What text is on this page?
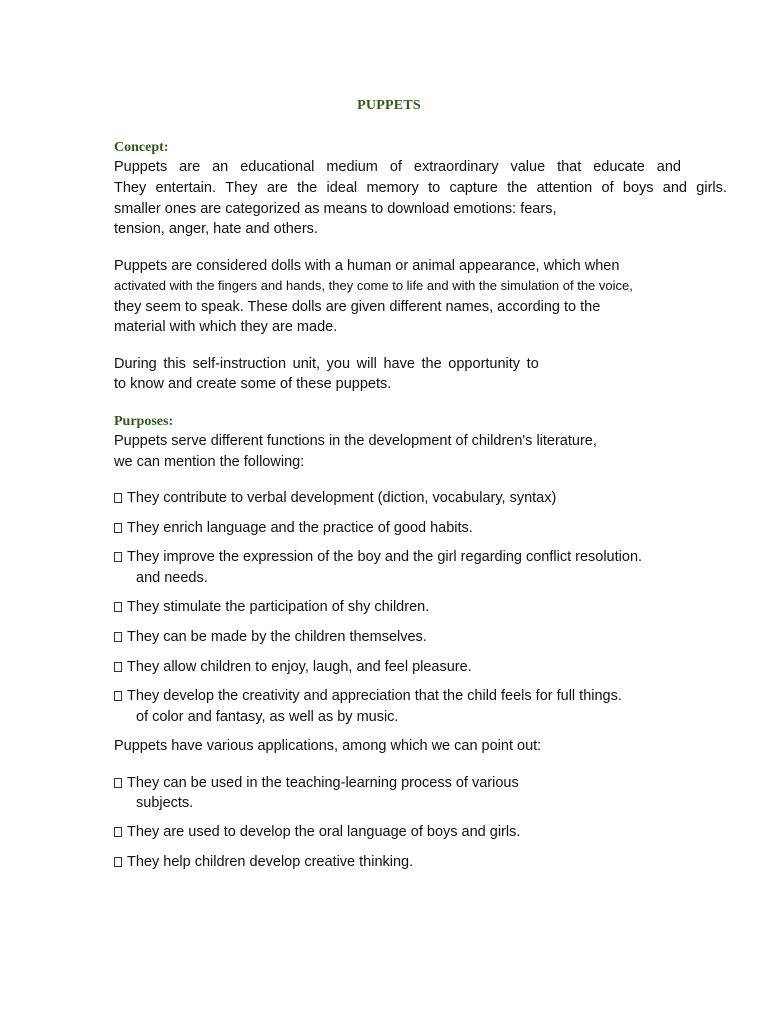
PUPPETS
Concept:
Puppets are an educational medium of extraordinary value that educate and
They entertain. They are the ideal memory to capture the attention of boys and girls.
smaller ones are categorized as means to download emotions: fears,
tension, anger, hate and others.
Puppets are considered dolls with a human or animal appearance, which when
activated with the fingers and hands, they come to life and with the simulation of the voice,
they seem to speak. These dolls are given different names, according to the
material with which they are made.
During this self-instruction unit, you will have the opportunity to
to know and create some of these puppets.
Purposes:
Puppets serve different functions in the development of children's literature,
we can mention the following:
They contribute to verbal development (diction, vocabulary, syntax)
They enrich language and the practice of good habits.
They improve the expression of the boy and the girl regarding conflict resolution.
and needs.
They stimulate the participation of shy children.
They can be made by the children themselves.
They allow children to enjoy, laugh, and feel pleasure.
They develop the creativity and appreciation that the child feels for full things.
of color and fantasy, as well as by music.
Puppets have various applications, among which we can point out:
They can be used in the teaching-learning process of various
subjects.
They are used to develop the oral language of boys and girls.
They help children develop creative thinking.
